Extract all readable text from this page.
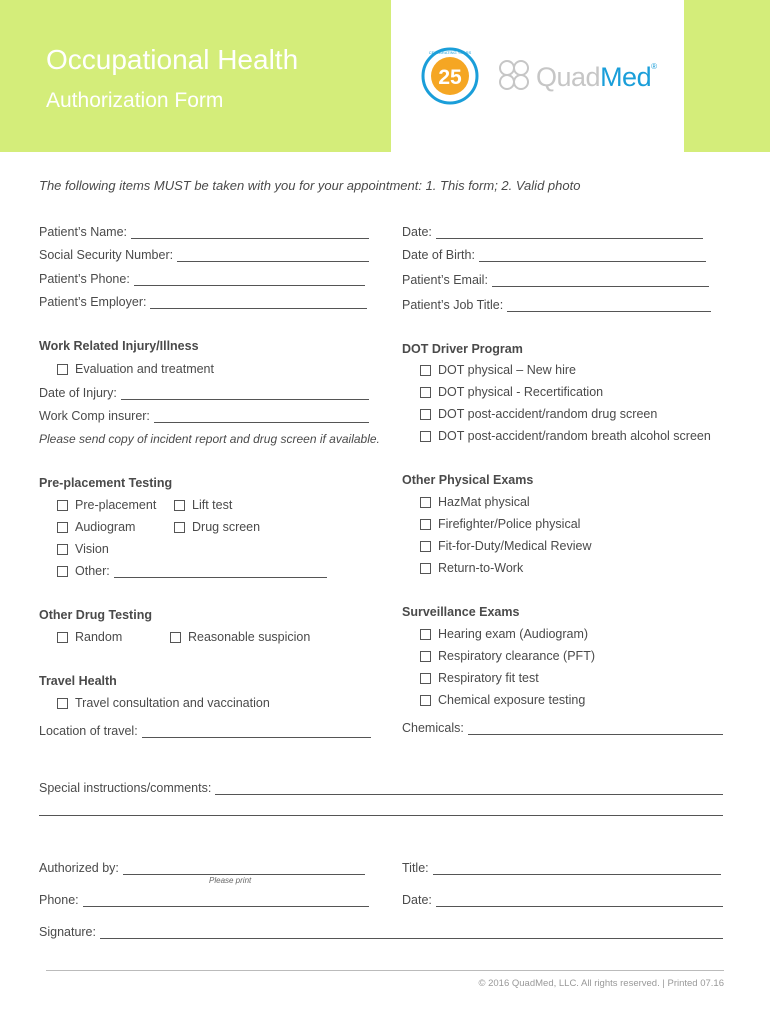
Occupational Health
Authorization Form
25
CELEBRATING YEARS
QuadMed®
The following items MUST be taken with you for your appointment: 1. This form; 2. Valid photo
Patient’s Name:
Social Security Number:
Patient’s Phone:
Patient’s Employer:
Date:
Date of Birth:
Patient’s Email:
Patient’s Job Title:
Work Related Injury/Illness
Evaluation and treatment
Date of Injury:
Work Comp insurer:
Please send copy of incident report and drug screen if available.
DOT Driver Program
DOT physical – New hire
DOT physical - Recertification
DOT post-accident/random drug screen
DOT post-accident/random breath alcohol screen
Pre-placement Testing
Pre-placement	Lift test
Audiogram	Drug screen
Vision
Other:
Other Physical Exams
HazMat physical
Firefighter/Police physical
Fit-for-Duty/Medical Review
Return-to-Work
Other Drug Testing
Random	Reasonable suspicion
Surveillance Exams
Hearing exam (Audiogram)
Respiratory clearance (PFT)
Respiratory fit test
Chemical exposure testing
Chemicals:
Travel Health
Travel consultation and vaccination
Location of travel:
Special instructions/comments:
Authorized by:
Please print
Title:
Phone:	Date:
Signature:
© 2016 QuadMed, LLC. All rights reserved. | Printed 07.16
